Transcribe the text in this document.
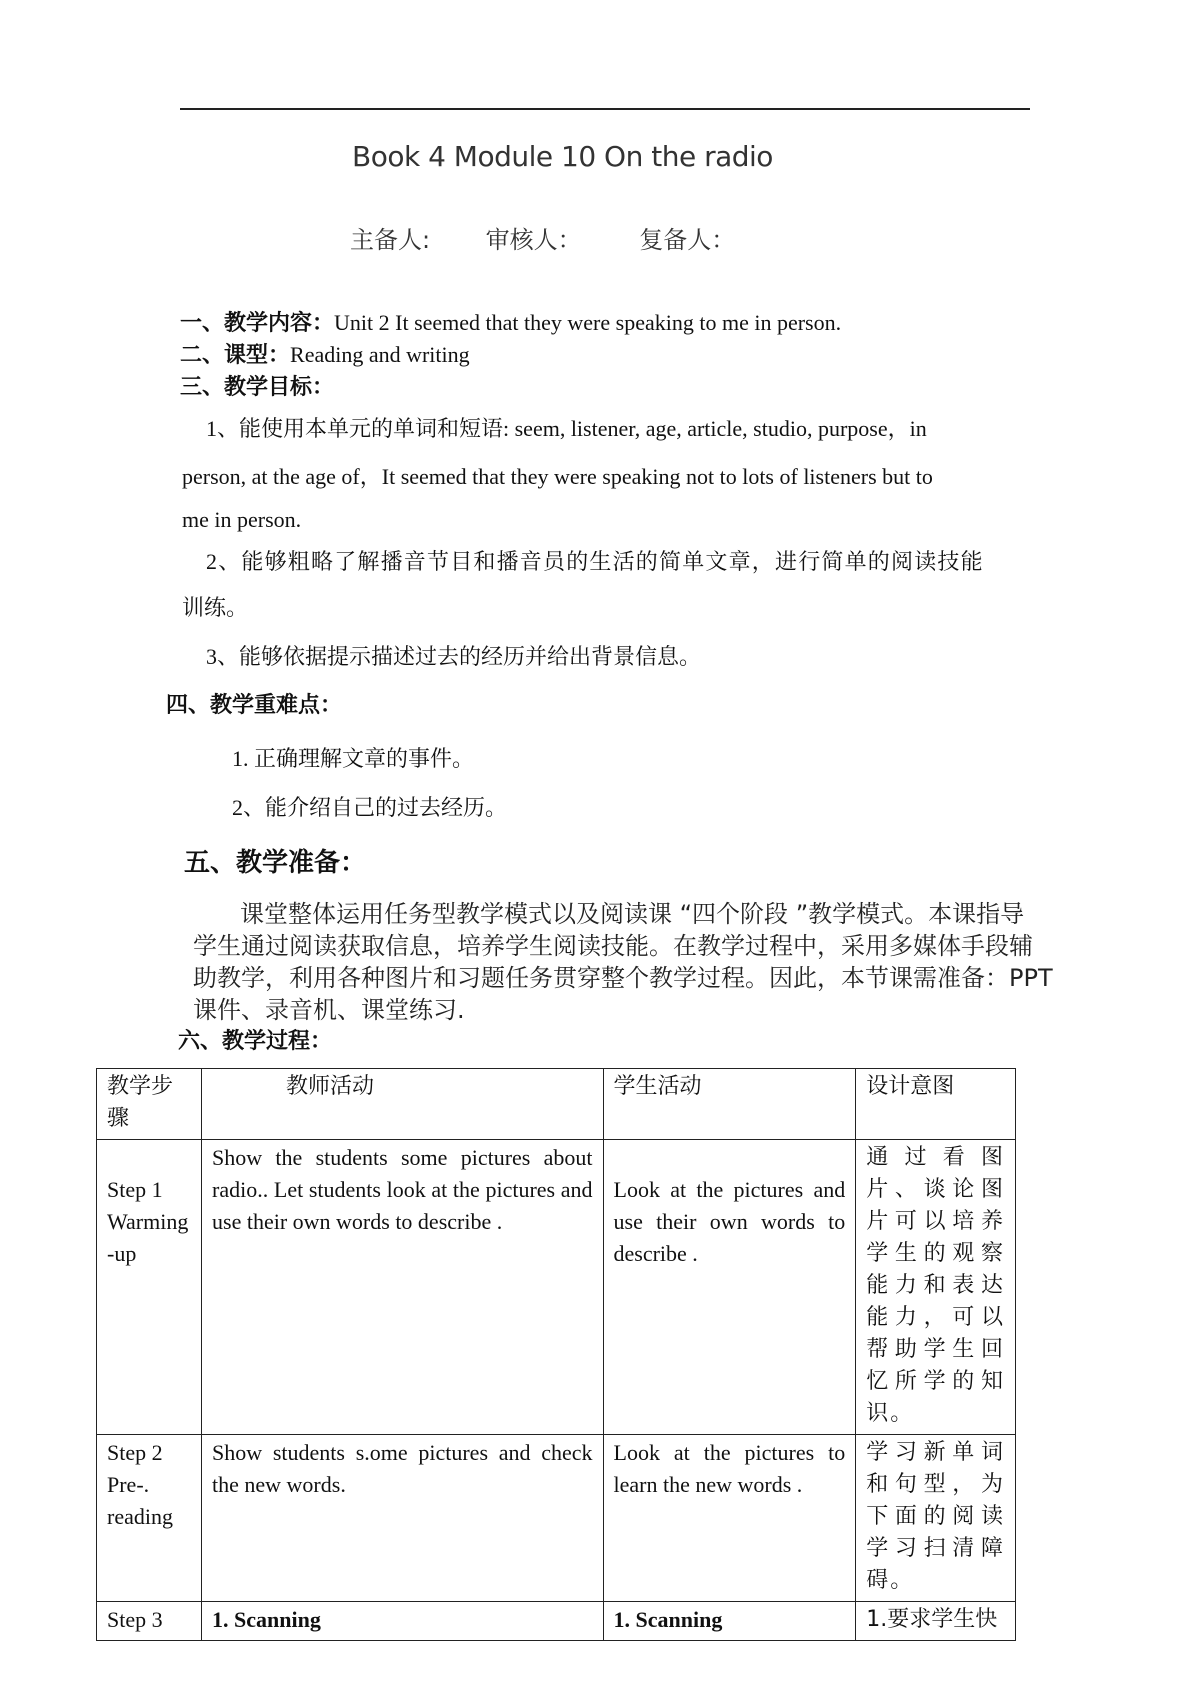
Book 4 Module 10 On the radio
主备人: 审核人： 复备人：
一、教学内容：Unit 2 It seemed that they were speaking to me in person.
二、课型：Reading and writing
三、教学目标：
1、能使用本单元的单词和短语: seem, listener, age, article, studio, purpose，in
person, at the age of，It seemed that they were speaking not to lots of listeners but to
me in person.
2、能够粗略了解播音节目和播音员的生活的简单文章，进行简单的阅读技能
训练。
3、能够依据提示描述过去的经历并给出背景信息。
四、教学重难点：
1. 正确理解文章的事件。
2、能介绍自己的过去经历。
五、教学准备：
课堂整体运用任务型教学模式以及阅读课 “四个阶段 ”教学模式。本课指导
学生通过阅读获取信息，培养学生阅读技能。在教学过程中，采用多媒体手段辅
助教学，利用各种图片和习题任务贯穿整个教学过程。因此，本节课需准备：PPT
课件、录音机、课堂练习.
六、教学过程：
教学步骤	教师活动	学生活动	设计意图
Step 1 Warming -up	Show the students some pictures about radio.. Let students look at the pictures and use their own words to describe .	Look at the pictures and use their own words to describe .	通过看图片、谈论图片可以培养学生的观察能力和表达能力，可以帮助学生回忆所学的知识。
Step 2 Pre-. reading	Show students s.ome pictures and check the new words.	Look at the pictures to learn the new words .	学习新单词和句型，为下面的阅读学习扫清障碍。
Step 3	1. Scanning	1. Scanning	1.要求学生快
